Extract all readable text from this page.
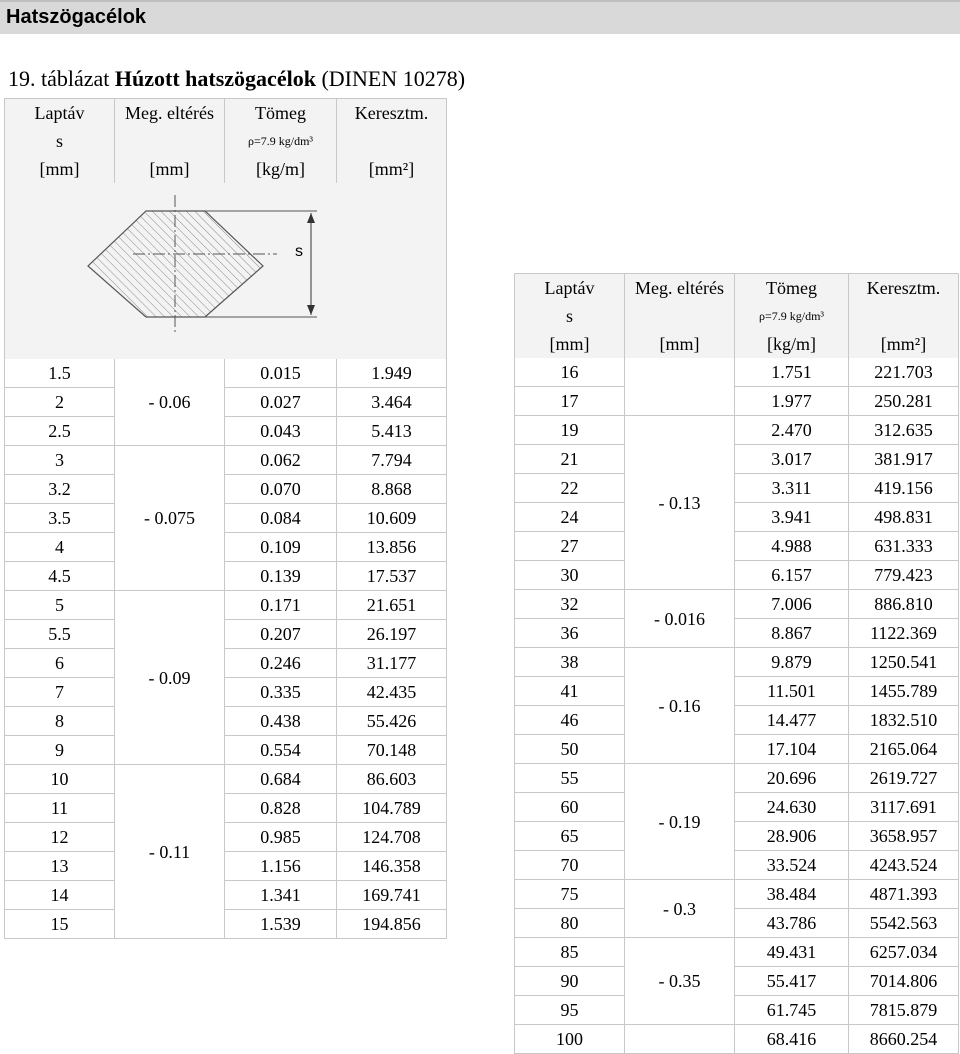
Hatszögacélok
19. táblázat Húzott hatszögacélok (DINEN 10278)
Laptáv	Meg. eltérés	Tömeg	Keresztm.
s		ρ=7.9 kg/dm³	
[mm]	[mm]	[kg/m]	[mm²]

s			

1.5	- 0.06	0.015	1.949
2		0.027	3.464
2.5		0.043	5.413
3	- 0.075	0.062	7.794
3.2		0.070	8.868
3.5		0.084	10.609
4		0.109	13.856
4.5		0.139	17.537
5	- 0.09	0.171	21.651
5.5		0.207	26.197
6		0.246	31.177
7		0.335	42.435
8		0.438	55.426
9		0.554	70.148
10	- 0.11	0.684	86.603
11		0.828	104.789
12		0.985	124.708
13		1.156	146.358
14		1.341	169.741
15		1.539	194.856
Laptáv	Meg. eltérés	Tömeg	Keresztm.
s		ρ=7.9 kg/dm³	
[mm]	[mm]	[kg/m]	[mm²]
16		1.751	221.703
17		1.977	250.281
19	- 0.13	2.470	312.635
21		3.017	381.917
22		3.311	419.156
24		3.941	498.831
27		4.988	631.333
30		6.157	779.423
32	- 0.016	7.006	886.810
36		8.867	1122.369
38	- 0.16	9.879	1250.541
41		11.501	1455.789
46		14.477	1832.510
50		17.104	2165.064
55	- 0.19	20.696	2619.727
60		24.630	3117.691
65		28.906	3658.957
70		33.524	4243.524
75	- 0.3	38.484	4871.393
80		43.786	5542.563
85	- 0.35	49.431	6257.034
90		55.417	7014.806
95		61.745	7815.879
100		68.416	8660.254
